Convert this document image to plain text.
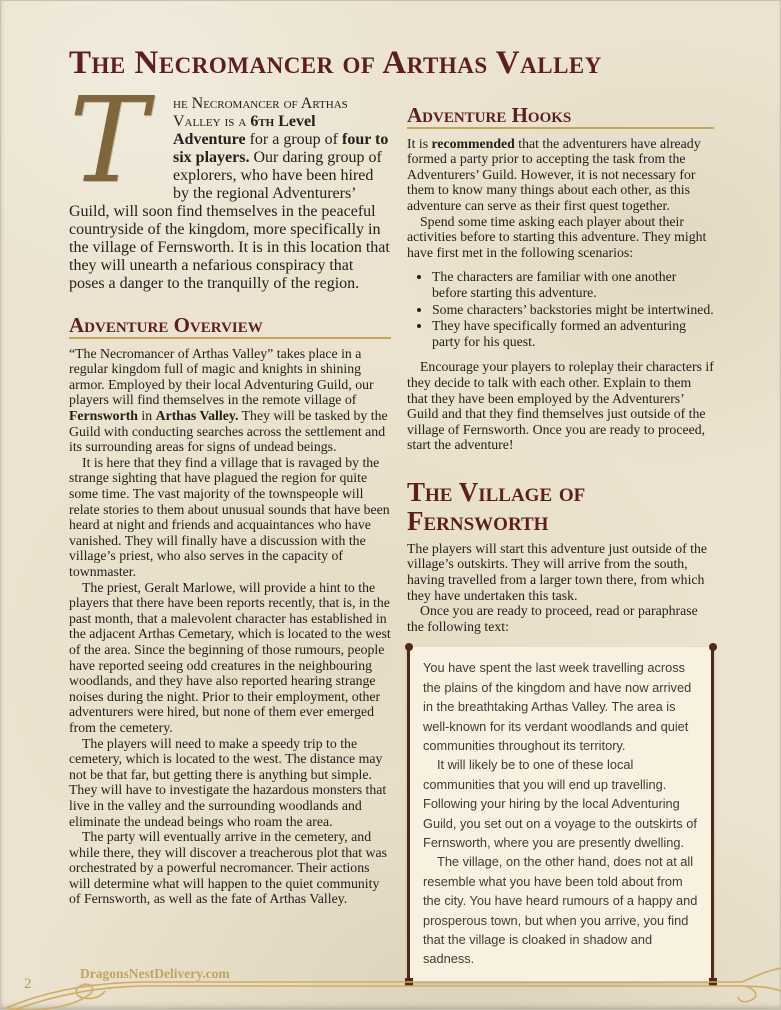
The Necromancer of Arthas Valley
T	he Necromancer of Arthas Valley is a 6th Level Adventure for a group of four to six players. Our daring group of explorers, who have been hired by the regional Adventurers’ Guild, will soon find themselves in the peaceful countryside of the kingdom, more specifically in the village of Fernsworth. It is in this location that they will unearth a nefarious conspiracy that poses a danger to the tranquilly of the region.
Adventure Overview

“The Necromancer of Arthas Valley” takes place in a regular kingdom full of magic and knights in shining armor. Employed by their local Adventuring Guild, our players will find themselves in the remote village of Fernsworth in Arthas Valley. They will be tasked by the Guild with conducting searches across the settlement and its surrounding areas for signs of undead beings.

It is here that they find a village that is ravaged by the strange sighting that have plagued the region for quite some time. The vast majority of the townspeople will relate stories to them about unusual sounds that have been heard at night and friends and acquaintances who have vanished. They will finally have a discussion with the village’s priest, who also serves in the capacity of townmaster.

The priest, Geralt Marlowe, will provide a hint to the players that there have been reports recently, that is, in the past month, that a malevolent character has established in the adjacent Arthas Cemetary, which is located to the west of the area. Since the beginning of those rumours, people have reported seeing odd creatures in the neighbouring woodlands, and they have also reported hearing strange noises during the night. Prior to their employment, other adventurers were hired, but none of them ever emerged from the cemetery.

The players will need to make a speedy trip to the cemetery, which is located to the west. The distance may not be that far, but getting there is anything but simple. They will have to investigate the hazardous monsters that live in the valley and the surrounding woodlands and eliminate the undead beings who roam the area.

The party will eventually arrive in the cemetery, and while there, they will discover a treacherous plot that was orchestrated by a powerful necromancer. Their actions will determine what will happen to the quiet community of Fernsworth, as well as the fate of Arthas Valley.

Adventure Hooks

It is recommended that the adventurers have already formed a party prior to accepting the task from the Adventurers’ Guild. However, it is not necessary for them to know many things about each other, as this adventure can serve as their first quest together.

Spend some time asking each player about their activities before to starting this adventure. They might have first met in the following scenarios:

• The characters are familiar with one another before starting this adventure.
• Some characters’ backstories might be intertwined.
• They have specifically formed an adventuring party for his quest.

Encourage your players to roleplay their characters if they decide to talk with each other. Explain to them that they have been employed by the Adventurers’ Guild and that they find themselves just outside of the village of Fernsworth. Once you are ready to proceed, start the adventure!

The Village of Fernsworth

The players will start this adventure just outside of the village’s outskirts. They will arrive from the south, having travelled from a larger town there, from which they have undertaken this task.

Once you are ready to proceed, read or paraphrase the following text:

You have spent the last week travelling across the plains of the kingdom and have now arrived in the breathtaking Arthas Valley. The area is well-known for its verdant woodlands and quiet communities throughout its territory.

It will likely be to one of these local communities that you will end up travelling. Following your hiring by the local Adventuring Guild, you set out on a voyage to the outskirts of Fernsworth, where you are presently dwelling.

The village, on the other hand, does not at all resemble what you have been told about from the city. You have heard rumours of a happy and prosperous town, but when you arrive, you find that the village is cloaked in shadow and sadness.

2
DragonsNestDelivery.com
